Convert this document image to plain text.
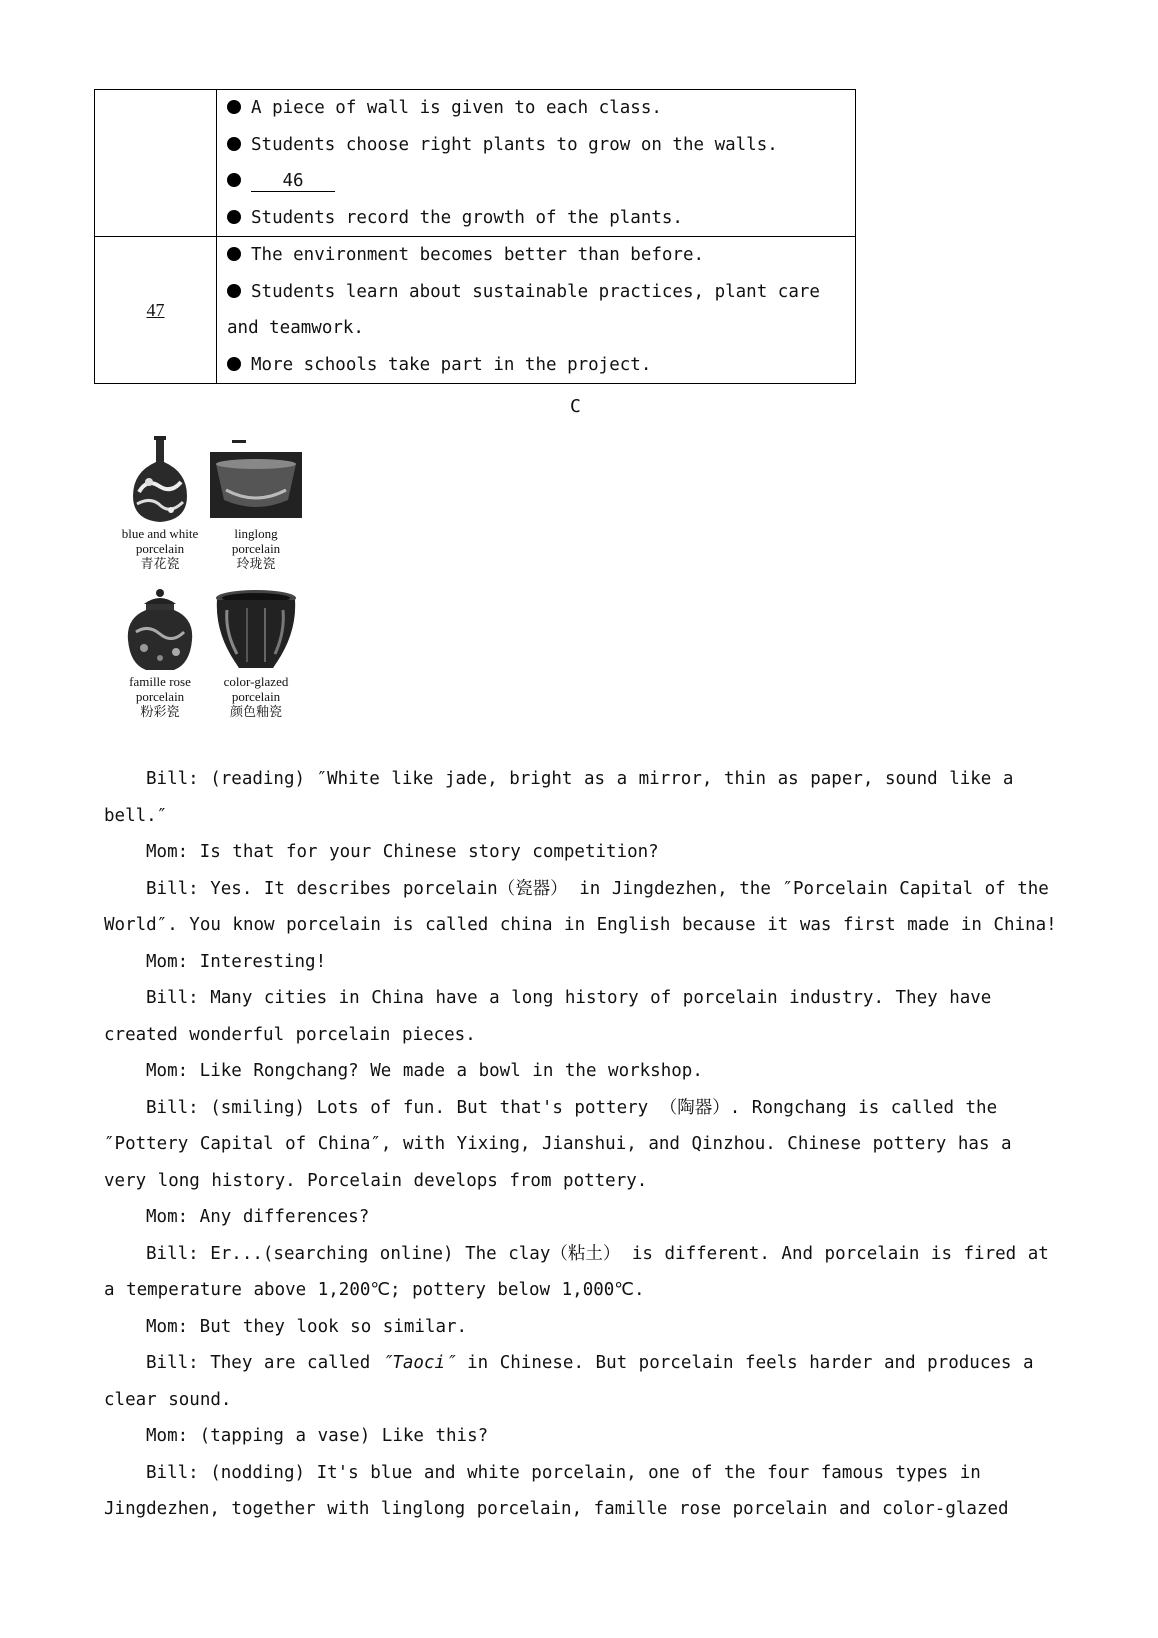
	A piece of wall is given to each class.
Students choose right plants to grow on the walls.
46
Students record the growth of the plants.

47	The environment becomes better than before.
Students learn about sustainable practices, plant care
and teamwork.
More schools take part in the project.
C
blue and white
porcelain
青花瓷
linglong
porcelain
玲珑瓷
famille rose
porcelain
粉彩瓷
color-glazed
porcelain
颜色釉瓷

Bill: (reading) ″White like jade, bright as a mirror, thin as paper, sound like a bell.″

Mom: Is that for your Chinese story competition?

Bill: Yes. It describes porcelain（瓷器） in Jingdezhen, the ″Porcelain Capital of the World″. You know porcelain is called china in English because it was first made in China!

Mom: Interesting!

Bill: Many cities in China have a long history of porcelain industry. They have created wonderful porcelain pieces.

Mom: Like Rongchang? We made a bowl in the workshop.

Bill: (smiling) Lots of fun. But that's pottery （陶器）. Rongchang is called the ″Pottery Capital of China″, with Yixing, Jianshui, and Qinzhou. Chinese pottery has a very long history. Porcelain develops from pottery.

Mom: Any differences?

Bill: Er...(searching online) The clay（粘土） is different. And porcelain is fired at a temperature above 1,200℃; pottery below 1,000℃.

Mom: But they look so similar.

Bill: They are called ″Taoci″ in Chinese. But porcelain feels harder and produces a clear sound.

Mom: (tapping a vase) Like this?

Bill: (nodding) It's blue and white porcelain, one of the four famous types in Jingdezhen, together with linglong porcelain, famille rose porcelain and color-glazed
